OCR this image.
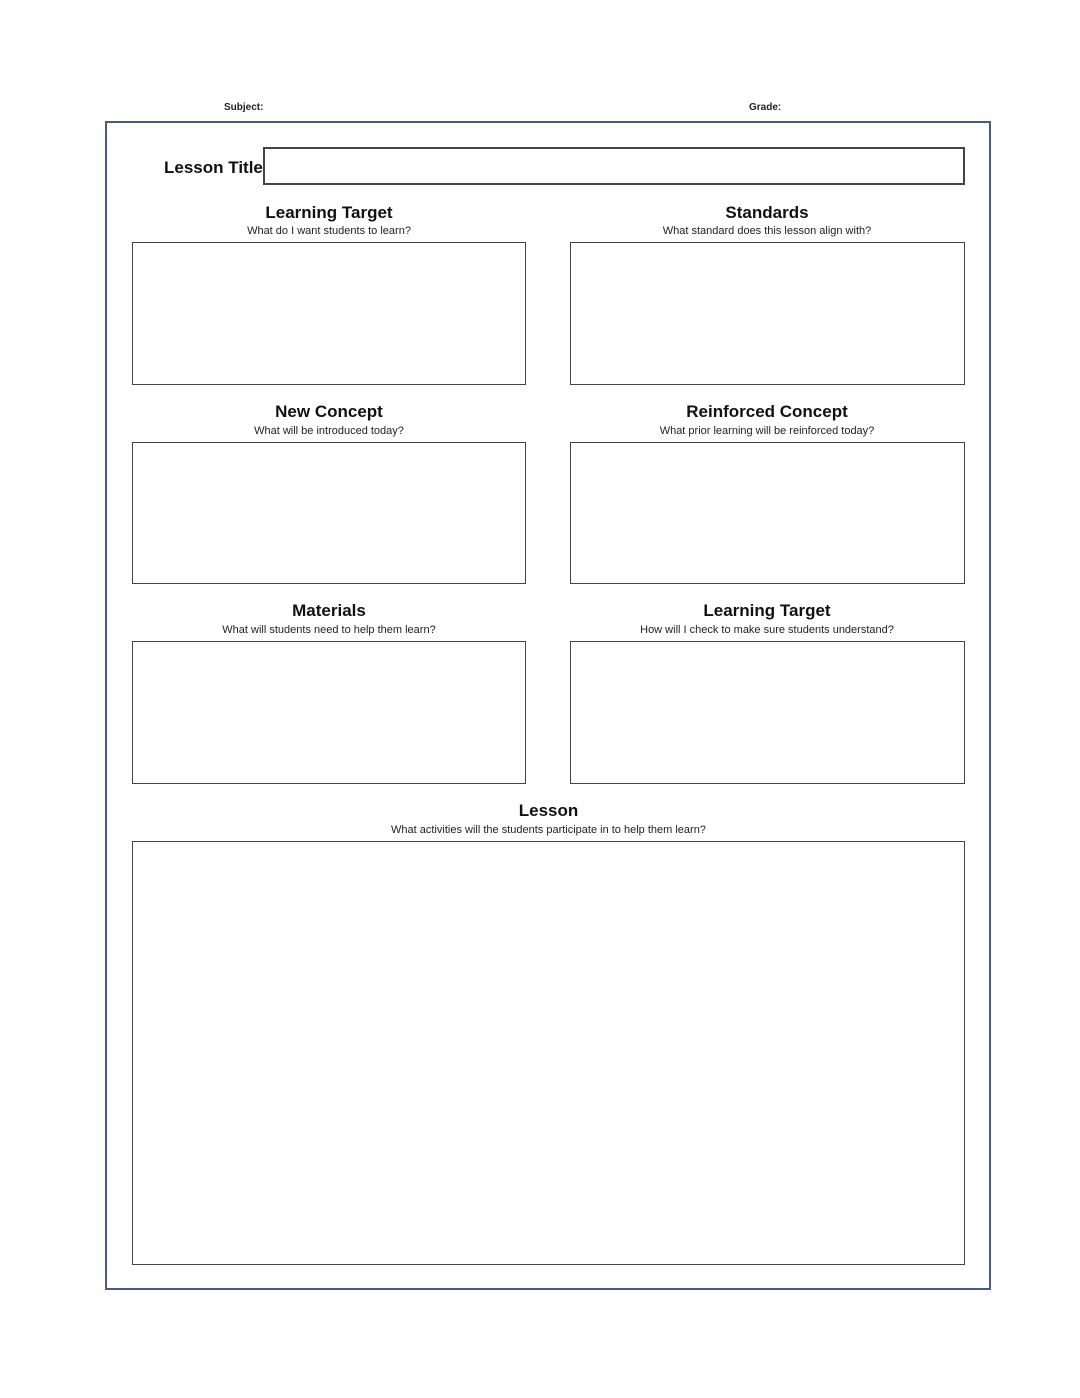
Subject:	Grade:
Lesson Title
Learning Target
What do I want students to learn?
Standards
What standard does this lesson align with?
New Concept
What will be introduced today?
Reinforced Concept
What prior learning will be reinforced today?
Materials
What will students need to help them learn?
Learning Target
How will I check to make sure students understand?
Lesson
What activities will the students participate in to help them learn?
